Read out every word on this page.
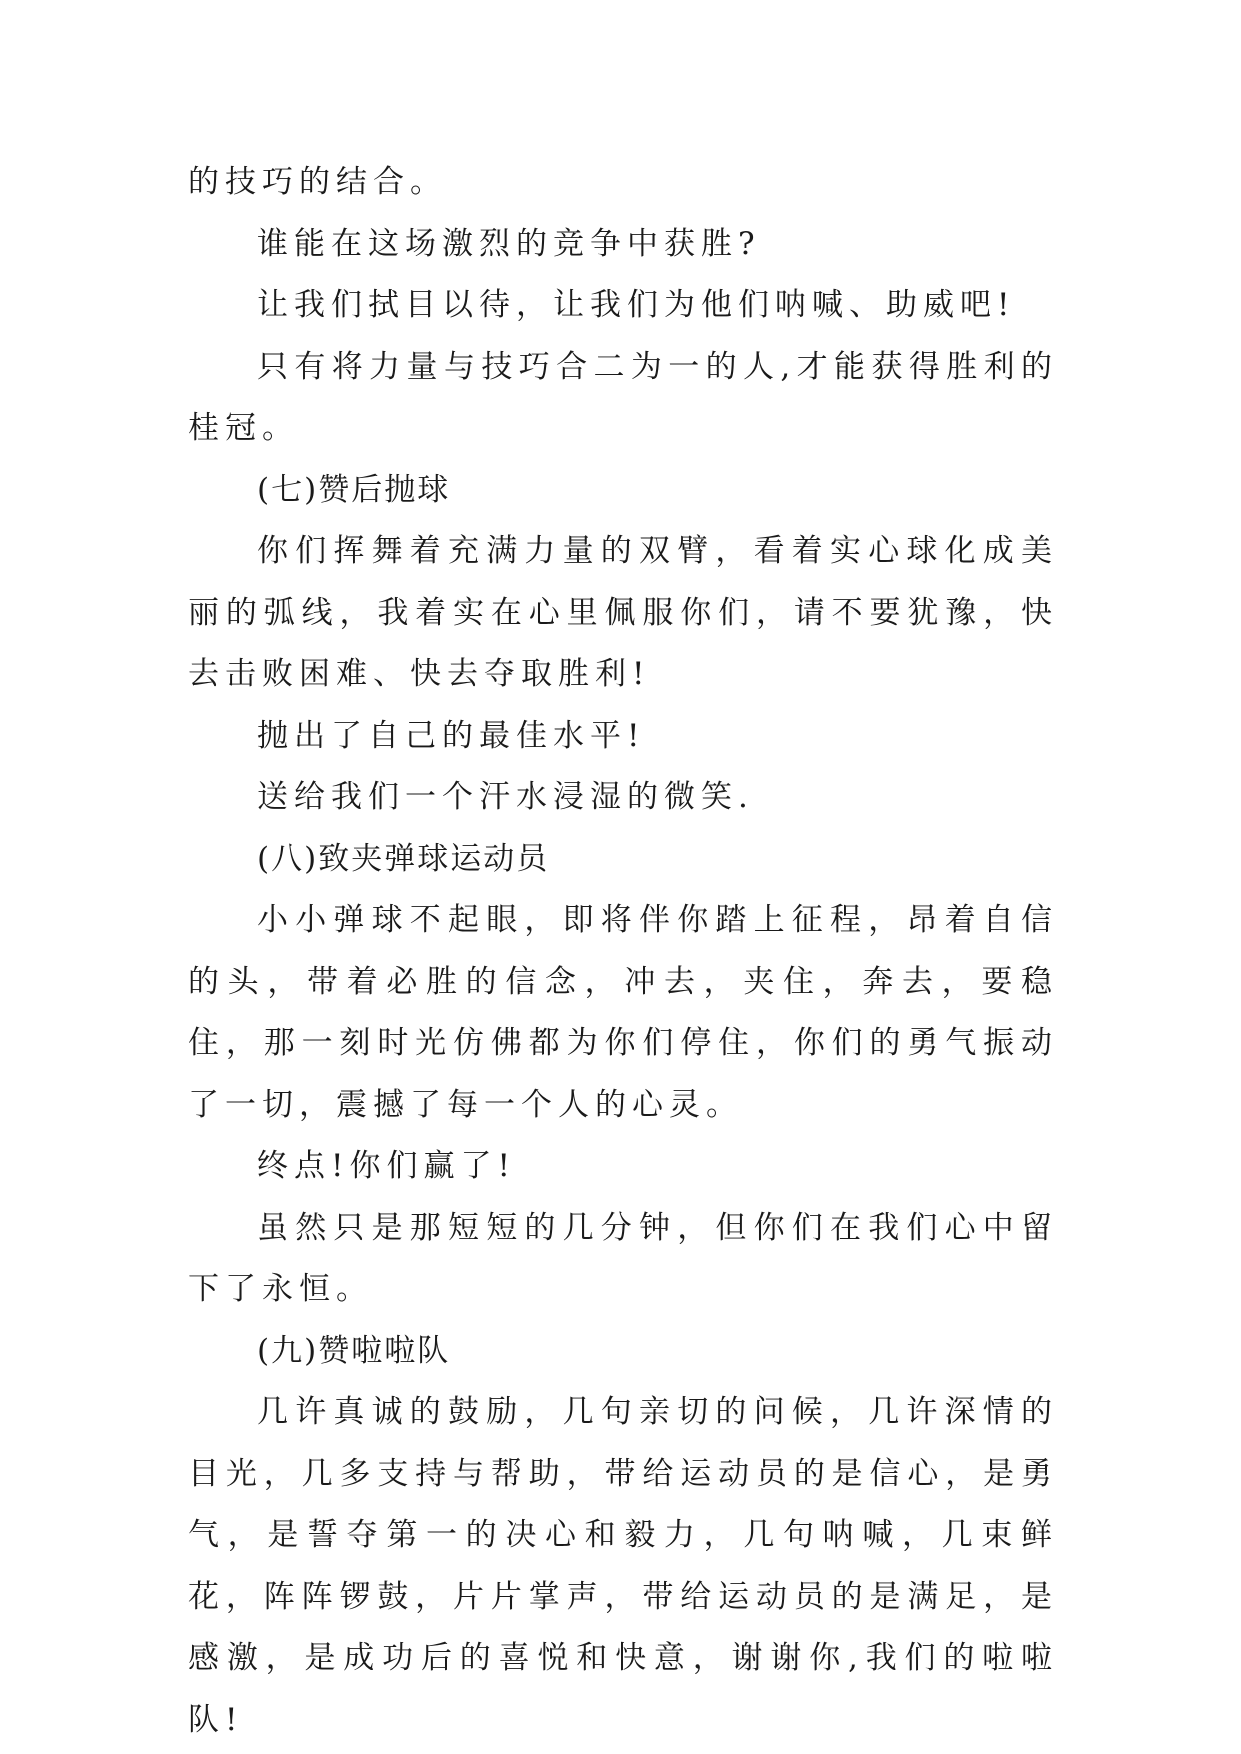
的技巧的结合。

谁能在这场激烈的竞争中获胜?

让我们拭目以待，让我们为他们呐喊、助威吧!

只有将力量与技巧合二为一的人,才能获得胜利的桂冠。

(七)赞后抛球

你们挥舞着充满力量的双臂，看着实心球化成美丽的弧线，我着实在心里佩服你们，请不要犹豫，快去击败困难、快去夺取胜利!

抛出了自己的最佳水平!

送给我们一个汗水浸湿的微笑.

(八)致夹弹球运动员

小小弹球不起眼，即将伴你踏上征程，昂着自信的头，带着必胜的信念，冲去，夹住，奔去，要稳住，那一刻时光仿佛都为你们停住，你们的勇气振动了一切，震撼了每一个人的心灵。

终点!你们赢了!

虽然只是那短短的几分钟，但你们在我们心中留下了永恒。

(九)赞啦啦队

几许真诚的鼓励，几句亲切的问候，几许深情的目光，几多支持与帮助，带给运动员的是信心，是勇气，是誓夺第一的决心和毅力，几句呐喊，几束鲜花，阵阵锣鼓，片片掌声，带给运动员的是满足，是感激，是成功后的喜悦和快意，谢谢你,我们的啦啦队!
